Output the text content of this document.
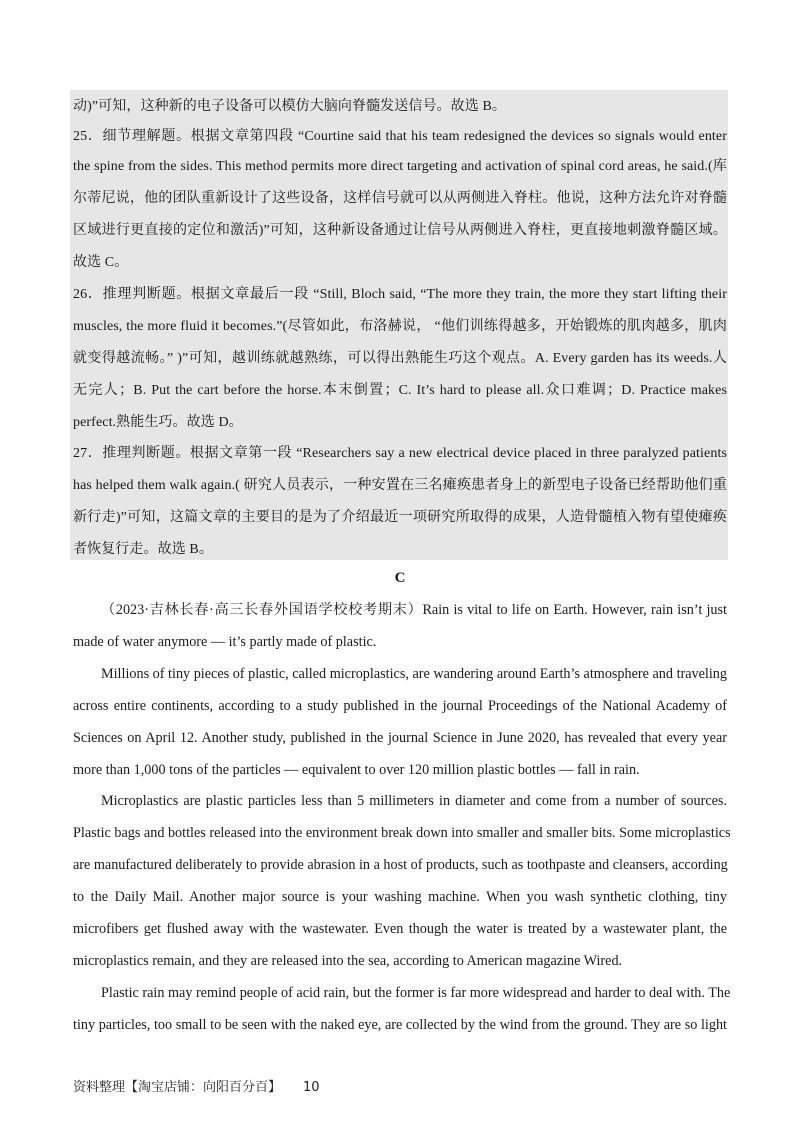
动)”可知，这种新的电子设备可以模仿大脑向脊髓发送信号。故选 B。
25．细节理解题。根据文章第四段 “Courtine said that his team redesigned the devices so signals would enter
the spine from the sides. This method permits more direct targeting and activation of spinal cord areas, he said.(库
尔蒂尼说，他的团队重新设计了这些设备，这样信号就可以从两侧进入脊柱。他说，这种方法允许对脊髓
区域进行更直接的定位和激活)”可知，这种新设备通过让信号从两侧进入脊柱，更直接地刺激脊髓区域。
故选 C。
26．推理判断题。根据文章最后一段 “Still, Bloch said, “The more they train, the more they start lifting their
muscles, the more fluid it becomes.”(尽管如此，布洛赫说， “他们训练得越多，开始锻炼的肌肉越多，肌肉
就变得越流畅。” )”可知，越训练就越熟练，可以得出熟能生巧这个观点。A. Every garden has its weeds.人
无完人；B. Put the cart before the horse.本末倒置；C. It’s hard to please all.众口难调；D. Practice makes
perfect.熟能生巧。故选 D。
27．推理判断题。根据文章第一段 “Researchers say a new electrical device placed in three paralyzed patients
has helped them walk again.( 研究人员表示，一种安置在三名瘫痪患者身上的新型电子设备已经帮助他们重
新行走)”可知，这篇文章的主要目的是为了介绍最近一项研究所取得的成果，人造骨髓植入物有望使瘫痪
者恢复行走。故选 B。
C
（2023·吉林长春·高三长春外国语学校校考期末）Rain is vital to life on Earth. However, rain isn’t just
made of water anymore — it’s partly made of plastic.
Millions of tiny pieces of plastic, called microplastics, are wandering around Earth’s atmosphere and traveling
across entire continents, according to a study published in the journal Proceedings of the National Academy of
Sciences on April 12. Another study, published in the journal Science in June 2020, has revealed that every year
more than 1,000 tons of the particles — equivalent to over 120 million plastic bottles — fall in rain.
Microplastics are plastic particles less than 5 millimeters in diameter and come from a number of sources.
Plastic bags and bottles released into the environment break down into smaller and smaller bits. Some microplastics
are manufactured deliberately to provide abrasion in a host of products, such as toothpaste and cleansers, according
to the Daily Mail. Another major source is your washing machine. When you wash synthetic clothing, tiny
microfibers get flushed away with the wastewater. Even though the water is treated by a wastewater plant, the
microplastics remain, and they are released into the sea, according to American magazine Wired.
Plastic rain may remind people of acid rain, but the former is far more widespread and harder to deal with. The
tiny particles, too small to be seen with the naked eye, are collected by the wind from the ground. They are so light
资料整理【淘宝店铺：向阳百分百】 10
